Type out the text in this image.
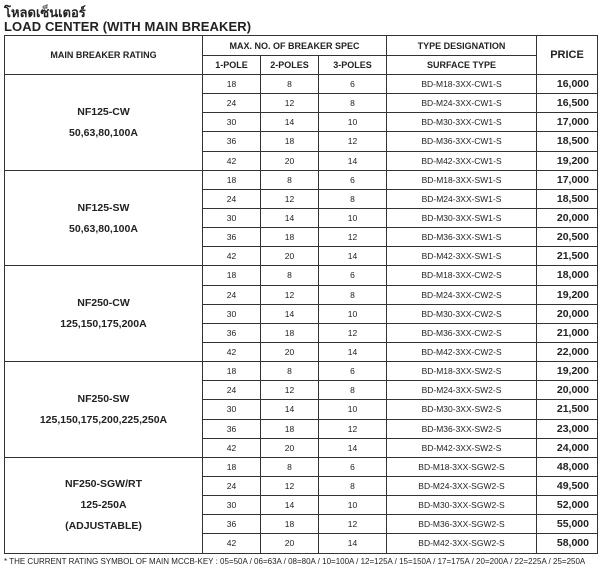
โหลดเซ็นเตอร์
LOAD CENTER (WITH MAIN BREAKER)
MAIN BREAKER RATING	MAX. NO. OF BREAKER SPEC			TYPE DESIGNATION	PRICE
	1-POLE	2-POLES	3-POLES	SURFACE TYPE	

NF125-CW
50,63,80,100A	18	8	6	BD-M18-3XX-CW1-S	16,000
	24	12	8	BD-M24-3XX-CW1-S	16,500
	30	14	10	BD-M30-3XX-CW1-S	17,000
	36	18	12	BD-M36-3XX-CW1-S	18,500
	42	20	14	BD-M42-3XX-CW1-S	19,200

NF125-SW
50,63,80,100A	18	8	6	BD-M18-3XX-SW1-S	17,000
	24	12	8	BD-M24-3XX-SW1-S	18,500
	30	14	10	BD-M30-3XX-SW1-S	20,000
	36	18	12	BD-M36-3XX-SW1-S	20,500
	42	20	14	BD-M42-3XX-SW1-S	21,500

NF250-CW
125,150,175,200A	18	8	6	BD-M18-3XX-CW2-S	18,000
	24	12	8	BD-M24-3XX-CW2-S	19,200
	30	14	10	BD-M30-3XX-CW2-S	20,000
	36	18	12	BD-M36-3XX-CW2-S	21,000
	42	20	14	BD-M42-3XX-CW2-S	22,000

NF250-SW
125,150,175,200,225,250A	18	8	6	BD-M18-3XX-SW2-S	19,200
	24	12	8	BD-M24-3XX-SW2-S	20,000
	30	14	10	BD-M30-3XX-SW2-S	21,500
	36	18	12	BD-M36-3XX-SW2-S	23,000
	42	20	14	BD-M42-3XX-SW2-S	24,000

NF250-SGW/RT
125-250A
(ADJUSTABLE)	18	8	6	BD-M18-3XX-SGW2-S	48,000
	24	12	8	BD-M24-3XX-SGW2-S	49,500
	30	14	10	BD-M30-3XX-SGW2-S	52,000
	36	18	12	BD-M36-3XX-SGW2-S	55,000
	42	20	14	BD-M42-3XX-SGW2-S	58,000
* THE CURRENT RATING SYMBOL OF MAIN MCCB-KEY : 05=50A / 06=63A / 08=80A / 10=100A / 12=125A / 15=150A / 17=175A / 20=200A / 22=225A / 25=250A
